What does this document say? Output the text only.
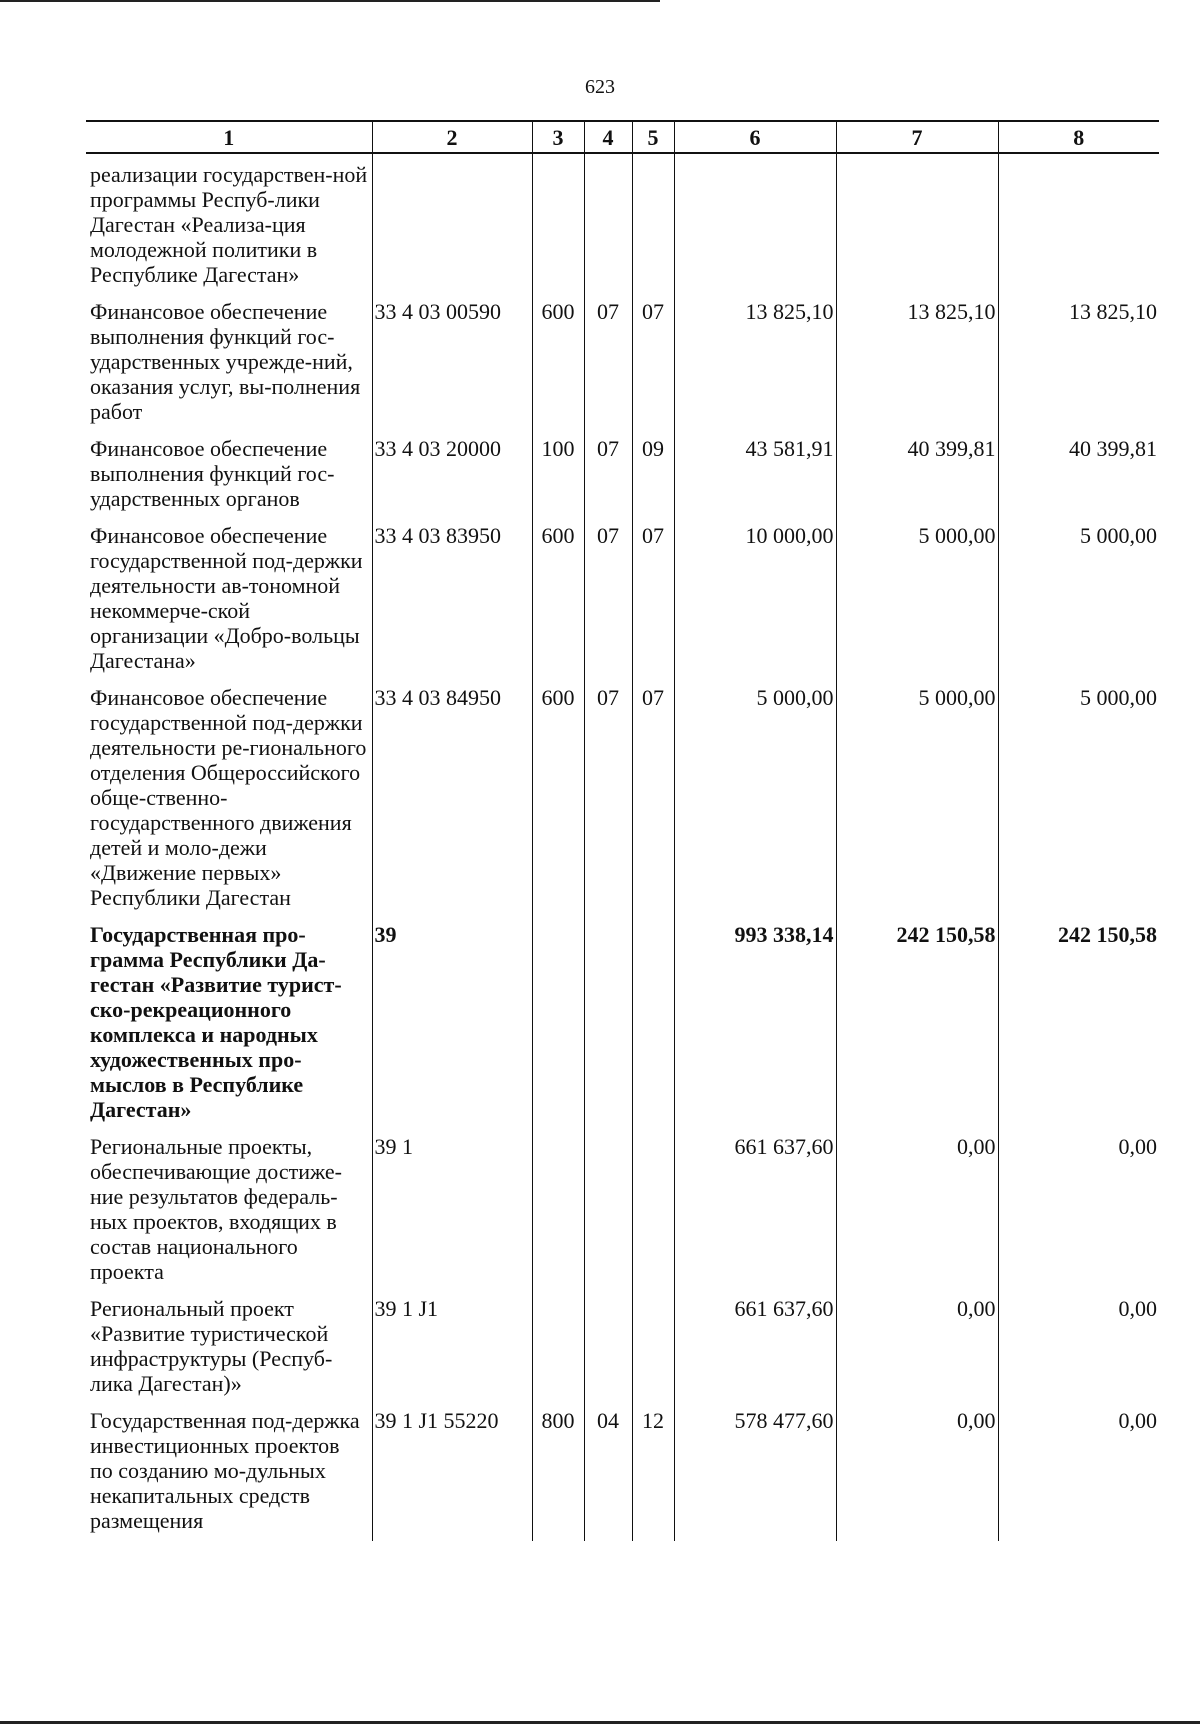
623
1	2	3	4	5	6	7	8
реализации государствен-ной программы Респуб-лики Дагестан «Реализа-ция молодежной политики в Республике Дагестан»							
Финансовое обеспечение выполнения функций гос-ударственных учрежде-ний, оказания услуг, вы-полнения работ	33 4 03 00590	600	07	07	13 825,10	13 825,10	13 825,10
Финансовое обеспечение выполнения функций гос-ударственных органов	33 4 03 20000	100	07	09	43 581,91	40 399,81	40 399,81
Финансовое обеспечение государственной под-держки деятельности ав-тономной некоммерче-ской организации «Добро-вольцы Дагестана»	33 4 03 83950	600	07	07	10 000,00	5 000,00	5 000,00
Финансовое обеспечение государственной под-держки деятельности ре-гионального отделения Общероссийского обще-ственно-государственного движения детей и моло-дежи «Движение первых» Республики Дагестан	33 4 03 84950	600	07	07	5 000,00	5 000,00	5 000,00
Государственная про-грамма Республики Да-гестан «Развитие турист-ско-рекреационного комплекса и народных художественных про-мыслов в Республике Дагестан»	39				993 338,14	242 150,58	242 150,58
Региональные проекты, обеспечивающие достиже-ние результатов федераль-ных проектов, входящих в состав национального проекта	39 1				661 637,60	0,00	0,00
Региональный проект «Развитие туристической инфраструктуры (Респуб-лика Дагестан)»	39 1 J1				661 637,60	0,00	0,00
Государственная под-держка инвестиционных проектов по созданию мо-дульных некапитальных средств размещения	39 1 J1 55220	800	04	12	578 477,60	0,00	0,00
